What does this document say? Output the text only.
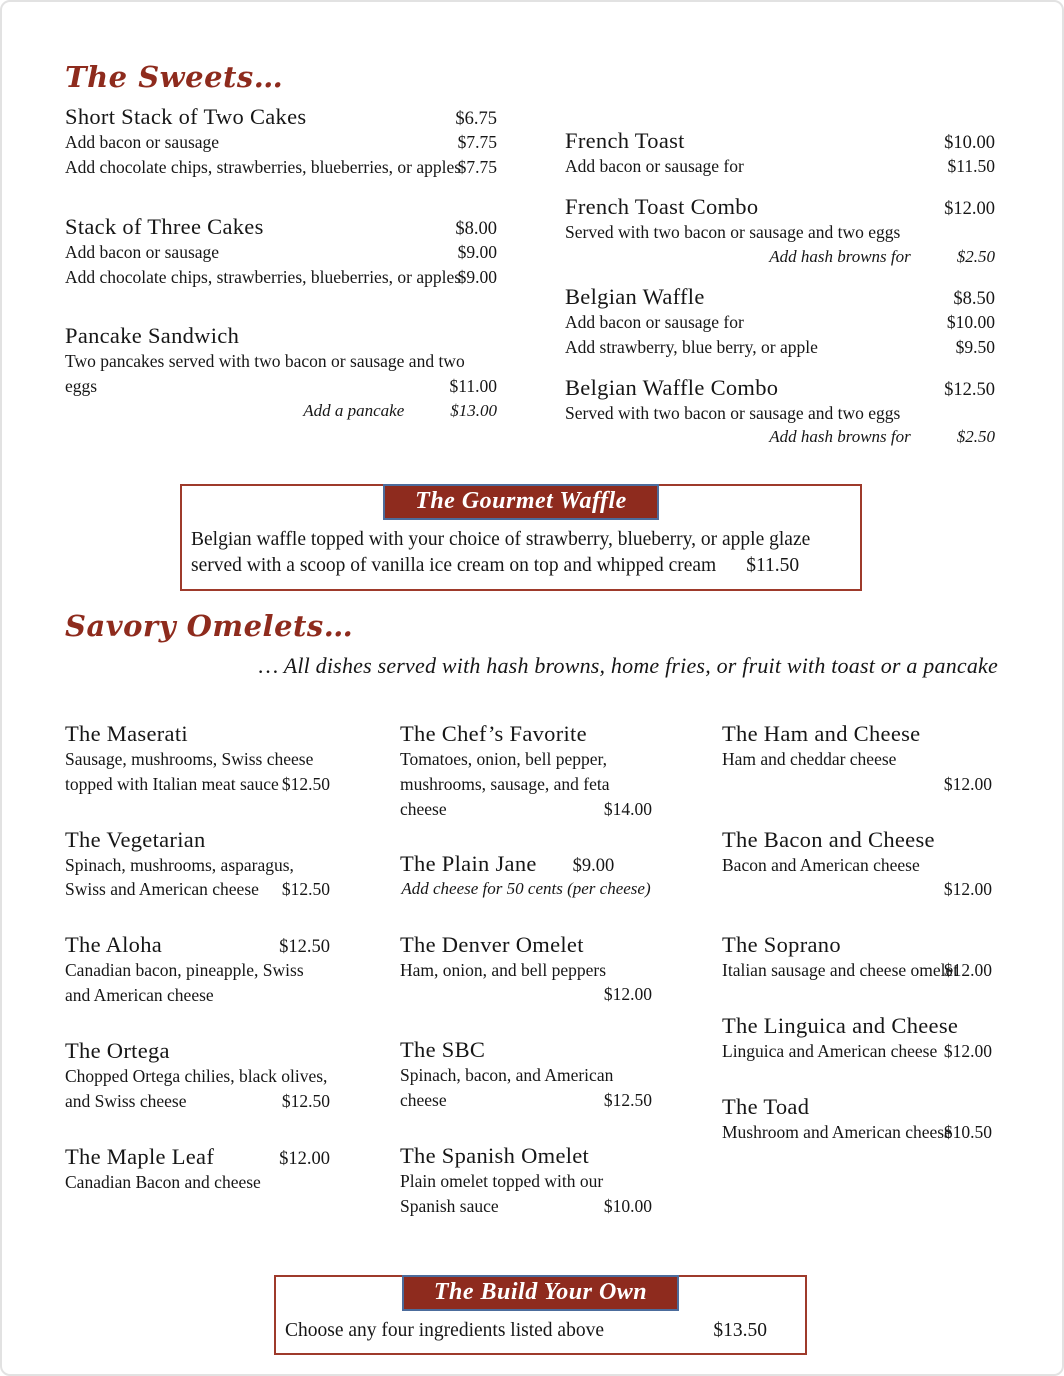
The Sweets…
Short Stack of Two Cakes	$6.75
Add bacon or sausage	$7.75
Add chocolate chips, strawberries, blueberries, or apples
$7.75
Stack of Three Cakes	$8.00
Add bacon or sausage	$9.00
Add chocolate chips, strawberries, blueberries, or apples
$9.00
Pancake Sandwich
Two pancakes served with two bacon or sausage and two eggs	$11.00
Add a pancake	$13.00
French Toast	$10.00
Add bacon or sausage for	$11.50
French Toast Combo	$12.00
Served with two bacon or sausage and two eggs
Add hash browns for	$2.50
Belgian Waffle	$8.50
Add bacon or sausage for	$10.00
Add strawberry, blue berry, or apple	$9.50
Belgian Waffle Combo	$12.50
Served with two bacon or sausage and two eggs
Add hash browns for	$2.50
The Gourmet Waffle
Belgian waffle topped with your choice of strawberry, blueberry, or apple glaze
served with a scoop of vanilla ice cream on top and whipped cream $11.50
Savory Omelets…
… All dishes served with hash browns, home fries, or fruit with toast or a pancake
The Maserati
Sausage, mushrooms, Swiss cheese topped with Italian meat sauce $12.50
The Vegetarian
Spinach, mushrooms, asparagus, Swiss and American cheese $12.50
The Aloha	$12.50
Canadian bacon, pineapple, Swiss and American cheese
The Ortega
Chopped Ortega chilies, black olives, and Swiss cheese	$12.50
The Maple Leaf	$12.00
Canadian Bacon and cheese
The Chef’s Favorite
Tomatoes, onion, bell pepper, mushrooms, sausage, and feta cheese	$14.00
The Plain Jane $9.00
Add cheese for 50 cents (per cheese)
The Denver Omelet
Ham, onion, and bell peppers
$12.00
The SBC
Spinach, bacon, and American cheese	$12.50
The Spanish Omelet
Plain omelet topped with our Spanish sauce	$10.00
The Ham and Cheese
Ham and cheddar cheese
$12.00
The Bacon and Cheese
Bacon and American cheese
$12.00
The Soprano
Italian sausage and cheese omelet
$12.00
The Linguica and Cheese
Linguica and American cheese $12.00
The Toad
Mushroom and American cheese
$10.50
The Build Your Own
Choose any four ingredients listed above	$13.50
